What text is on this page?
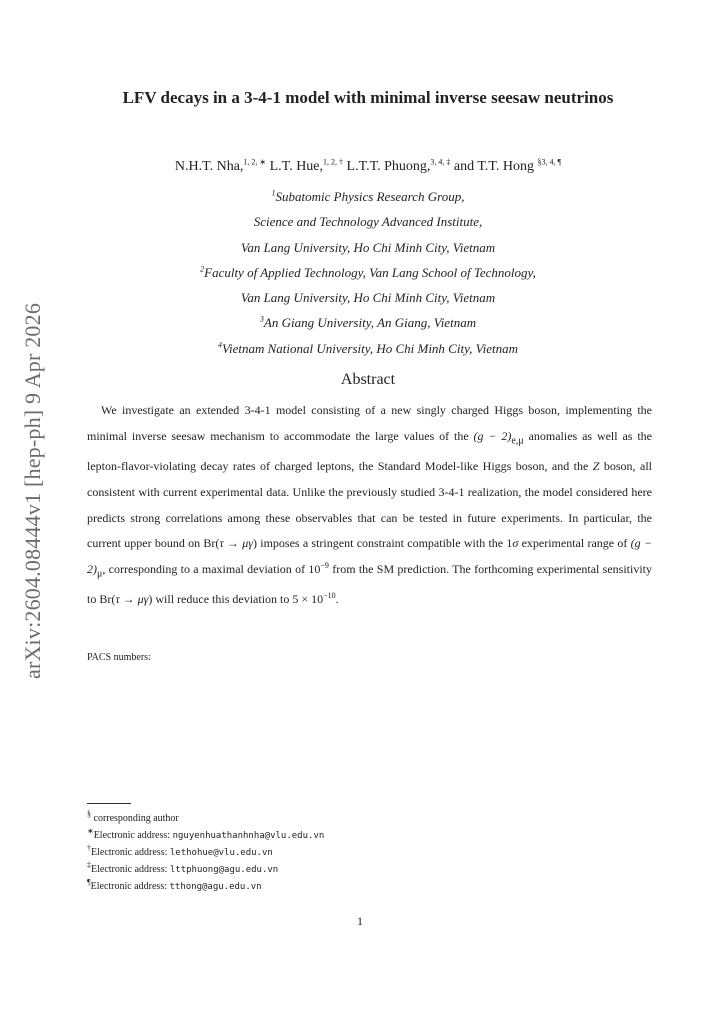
arXiv:2604.08444v1 [hep-ph] 9 Apr 2026
LFV decays in a 3-4-1 model with minimal inverse seesaw neutrinos
N.H.T. Nha,$^{1, 2, ∗}$ L.T. Hue,$^{1, 2, \dagger}$ L.T.T. Phuong,$^{3, 4, \ddagger}$ and T.T. Hong $^{\S 3, 4, \P}$
$^1$Subatomic Physics Research Group,
Science and Technology Advanced Institute,
Van Lang University, Ho Chi Minh City, Vietnam
$^2$Faculty of Applied Technology, Van Lang School of Technology,
Van Lang University, Ho Chi Minh City, Vietnam
$^3$An Giang University, An Giang, Vietnam
$^4$Vietnam National University, Ho Chi Minh City, Vietnam
Abstract

We investigate an extended 3-4-1 model consisting of a new singly charged Higgs boson, implementing the minimal inverse seesaw mechanism to accommodate the large values of the $(g - 2)_{e,\mu}$ anomalies as well as the lepton-flavor-violating decay rates of charged leptons, the Standard Model-like Higgs boson, and the Z boson, all consistent with current experimental data. Unlike the previously studied 3-4-1 realization, the model considered here predicts strong correlations among these observables that can be tested in future experiments. In particular, the current upper bound on Br(τ → μγ) imposes a stringent constraint compatible with the 1σ experimental range of $(g - 2)_\mu$, corresponding to a maximal deviation of $10^{-9}$ from the SM prediction. The forthcoming experimental sensitivity to Br(τ → μγ) will reduce this deviation to $5 \times 10^{-10}$.

PACS numbers:
§ corresponding author
∗Electronic address: nguyenhuathanhnha@vlu.edu.vn
†Electronic address: lethohue@vlu.edu.vn
‡Electronic address: lttphuong@agu.edu.vn
¶Electronic address: tthong@agu.edu.vn
1
